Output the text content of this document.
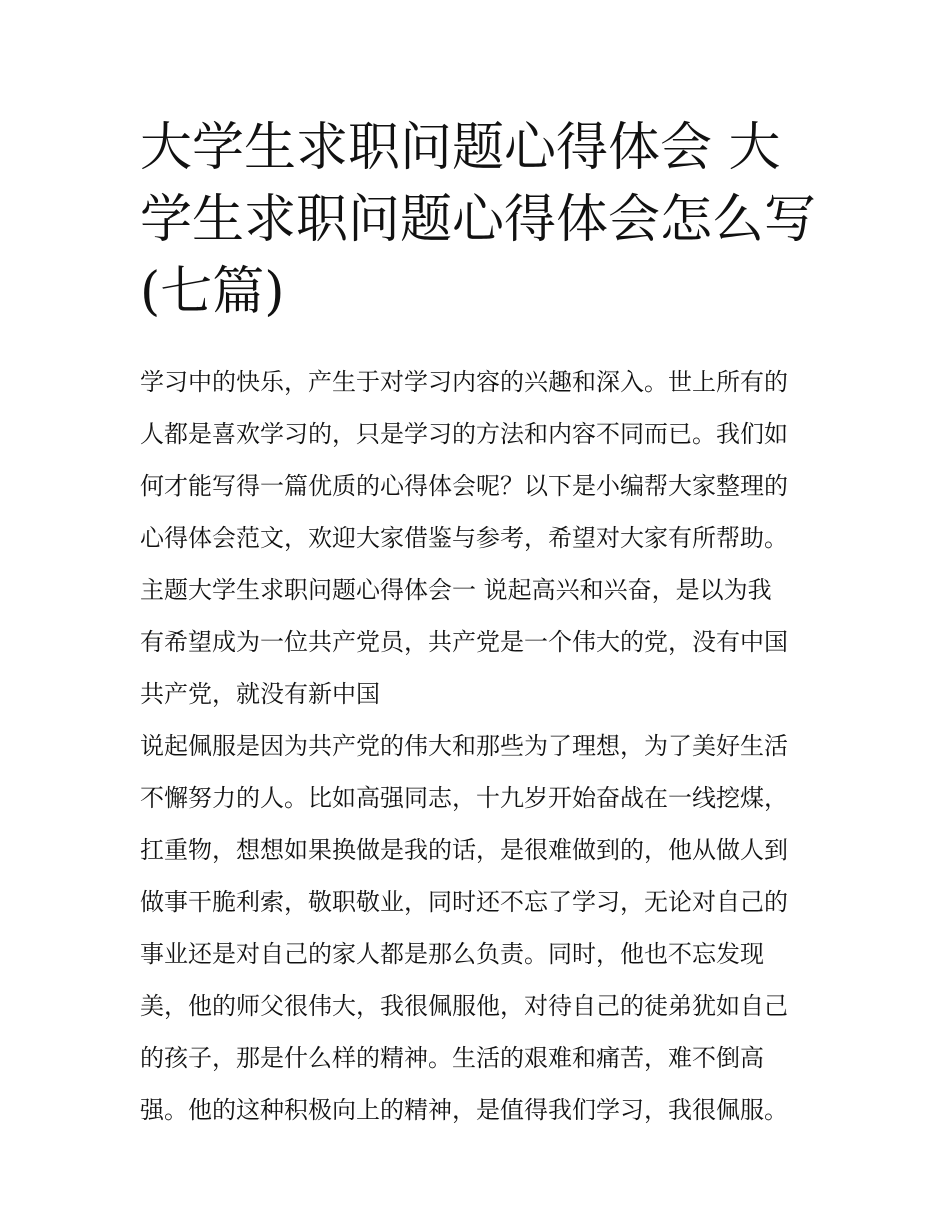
大学生求职问题心得体会 大学生求职问题心得体会怎么写(七篇)
学习中的快乐，产生于对学习内容的兴趣和深入。世上所有的
人都是喜欢学习的，只是学习的方法和内容不同而已。我们如
何才能写得一篇优质的心得体会呢？以下是小编帮大家整理的
心得体会范文，欢迎大家借鉴与参考，希望对大家有所帮助。
主题大学生求职问题心得体会一 说起高兴和兴奋，是以为我
有希望成为一位共产党员，共产党是一个伟大的党，没有中国
共产党，就没有新中国
说起佩服是因为共产党的伟大和那些为了理想，为了美好生活
不懈努力的人。比如高强同志，十九岁开始奋战在一线挖煤，
扛重物，想想如果换做是我的话，是很难做到的，他从做人到
做事干脆利索，敬职敬业，同时还不忘了学习，无论对自己的
事业还是对自己的家人都是那么负责。同时，他也不忘发现
美，他的师父很伟大，我很佩服他，对待自己的徒弟犹如自己
的孩子，那是什么样的精神。生活的艰难和痛苦，难不倒高
强。他的这种积极向上的精神，是值得我们学习，我很佩服。
